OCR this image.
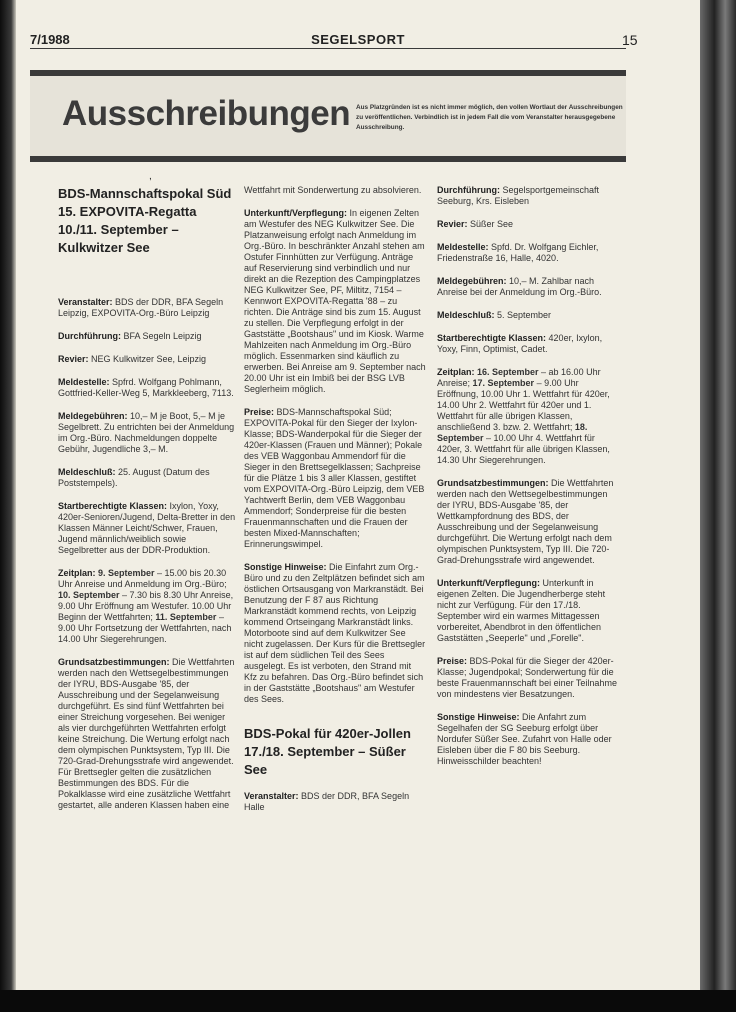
7/1988	SEGELSPORT	15
Ausschreibungen Aus Platzgründen ist es nicht immer möglich, den vollen Wortlaut der Ausschreibungen zu veröffentlichen. Verbindlich ist in jedem Fall die vom Veranstalter herausgegebene Ausschreibung.
,
BDS-Mannschaftspokal Süd
15. EXPOVITA-Regatta
10./11. September –
Kulkwitzer See

Veranstalter: BDS der DDR, BFA Segeln Leipzig, EXPOVITA-Org.-Büro Leipzig

Durchführung: BFA Segeln Leipzig

Revier: NEG Kulkwitzer See, Leipzig

Meldestelle: Spfrd. Wolfgang Pohlmann, Gottfried-Keller-Weg 5, Markkleeberg, 7113.

Meldegebühren: 10,– M je Boot, 5,– M je Segelbrett. Zu entrichten bei der Anmeldung im Org.-Büro. Nachmeldungen doppelte Gebühr, Jugendliche 3,– M.

Meldeschluß: 25. August (Datum des Poststempels).

Startberechtigte Klassen: Ixylon, Yoxy, 420er-Senioren/Jugend, Delta-Bretter in den Klassen Männer Leicht/Schwer, Frauen, Jugend männlich/weiblich sowie Segelbretter aus der DDR-Produktion.

Zeitplan: 9. September – 15.00 bis 20.30 Uhr Anreise und Anmeldung im Org.-Büro; 10. September – 7.30 bis 8.30 Uhr Anreise, 9.00 Uhr Eröffnung am Westufer. 10.00 Uhr Beginn der Wettfahrten; 11. September – 9.00 Uhr Fortsetzung der Wettfahrten, nach 14.00 Uhr Siegerehrungen.

Grundsatzbestimmungen: Die Wettfahrten werden nach den Wettsegelbestimmungen der IYRU, BDS-Ausgabe '85, der Ausschreibung und der Segelanweisung durchgeführt. Es sind fünf Wettfahrten bei einer Streichung vorgesehen. Bei weniger als vier durchgeführten Wettfahrten erfolgt keine Streichung. Die Wertung erfolgt nach dem olympischen Punktsystem, Typ III. Die 720-Grad-Drehungsstrafe wird angewendet. Für Brettsegler gelten die zusätzlichen Bestimmungen des BDS. Für die Pokalklasse wird eine zusätzliche Wettfahrt gestartet, alle anderen Klassen haben eine

Wettfahrt mit Sonderwertung zu absolvieren.

Unterkunft/Verpflegung: In eigenen Zelten am Westufer des NEG Kulkwitzer See. Die Platzanweisung erfolgt nach Anmeldung im Org.-Büro. In beschränkter Anzahl stehen am Ostufer Finnhütten zur Verfügung. Anträge auf Reservierung sind verbindlich und nur direkt an die Rezeption des Campingplatzes NEG Kulkwitzer See, PF, Miltitz, 7154 – Kennwort EXPOVITA-Regatta '88 – zu richten. Die Anträge sind bis zum 15. August zu stellen. Die Verpflegung erfolgt in der Gaststätte „Bootshaus" und im Kiosk. Warme Mahlzeiten nach Anmeldung im Org.-Büro möglich. Essenmarken sind käuflich zu erwerben. Bei Anreise am 9. September nach 20.00 Uhr ist ein Imbiß bei der BSG LVB Seglerheim möglich.

Preise: BDS-Mannschaftspokal Süd; EXPOVITA-Pokal für den Sieger der Ixylon-Klasse; BDS-Wanderpokal für die Sieger der 420er-Klassen (Frauen und Männer); Pokale des VEB Waggonbau Ammendorf für die Sieger in den Brettsegelklassen; Sachpreise für die Plätze 1 bis 3 aller Klassen, gestiftet vom EXPOVITA-Org.-Büro Leipzig, dem VEB Yachtwerft Berlin, dem VEB Waggonbau Ammendorf; Sonderpreise für die besten Frauenmannschaften und die Frauen der besten Mixed-Mannschaften; Erinnerungswimpel.

Sonstige Hinweise: Die Einfahrt zum Org.-Büro und zu den Zeltplätzen befindet sich am östlichen Ortsausgang von Markranstädt. Bei Benutzung der F 87 aus Richtung Markranstädt kommend rechts, von Leipzig kommend Ortseingang Markranstädt links. Motorboote sind auf dem Kulkwitzer See nicht zugelassen. Der Kurs für die Brettsegler ist auf dem südlichen Teil des Sees ausgelegt. Es ist verboten, den Strand mit Kfz zu befahren. Das Org.-Büro befindet sich in der Gaststätte „Bootshaus" am Westufer des Sees.

BDS-Pokal für 420er-Jollen
17./18. September – Süßer See

Veranstalter: BDS der DDR, BFA Segeln Halle

Durchführung: Segelsportgemeinschaft Seeburg, Krs. Eisleben

Revier: Süßer See

Meldestelle: Spfd. Dr. Wolfgang Eichler, Friedenstraße 16, Halle, 4020.

Meldegebühren: 10,– M. Zahlbar nach Anreise bei der Anmeldung im Org.-Büro.

Meldeschluß: 5. September

Startberechtigte Klassen: 420er, Ixylon, Yoxy, Finn, Optimist, Cadet.

Zeitplan: 16. September – ab 16.00 Uhr Anreise; 17. September – 9.00 Uhr Eröffnung, 10.00 Uhr 1. Wettfahrt für 420er, 14.00 Uhr 2. Wettfahrt für 420er und 1. Wettfahrt für alle übrigen Klassen, anschließend 3. bzw. 2. Wettfahrt; 18. September – 10.00 Uhr 4. Wettfahrt für 420er, 3. Wettfahrt für alle übrigen Klassen, 14.30 Uhr Siegerehrungen.

Grundsatzbestimmungen: Die Wettfahrten werden nach den Wettsegelbestimmungen der IYRU, BDS-Ausgabe '85, der Wettkampfordnung des BDS, der Ausschreibung und der Segelanweisung durchgeführt. Die Wertung erfolgt nach dem olympischen Punktsystem, Typ III. Die 720-Grad-Drehungsstrafe wird angewendet.

Unterkunft/Verpflegung: Unterkunft in eigenen Zelten. Die Jugendherberge steht nicht zur Verfügung. Für den 17./18. September wird ein warmes Mittagessen vorbereitet, Abendbrot in den öffentlichen Gaststätten „Seeperle" und „Forelle".

Preise: BDS-Pokal für die Sieger der 420er-Klasse; Jugendpokal; Sonderwertung für die beste Frauenmannschaft bei einer Teilnahme von mindestens vier Besatzungen.

Sonstige Hinweise: Die Anfahrt zum Segelhafen der SG Seeburg erfolgt über Nordufer Süßer See. Zufahrt von Halle oder Eisleben über die F 80 bis Seeburg. Hinweisschilder beachten!
